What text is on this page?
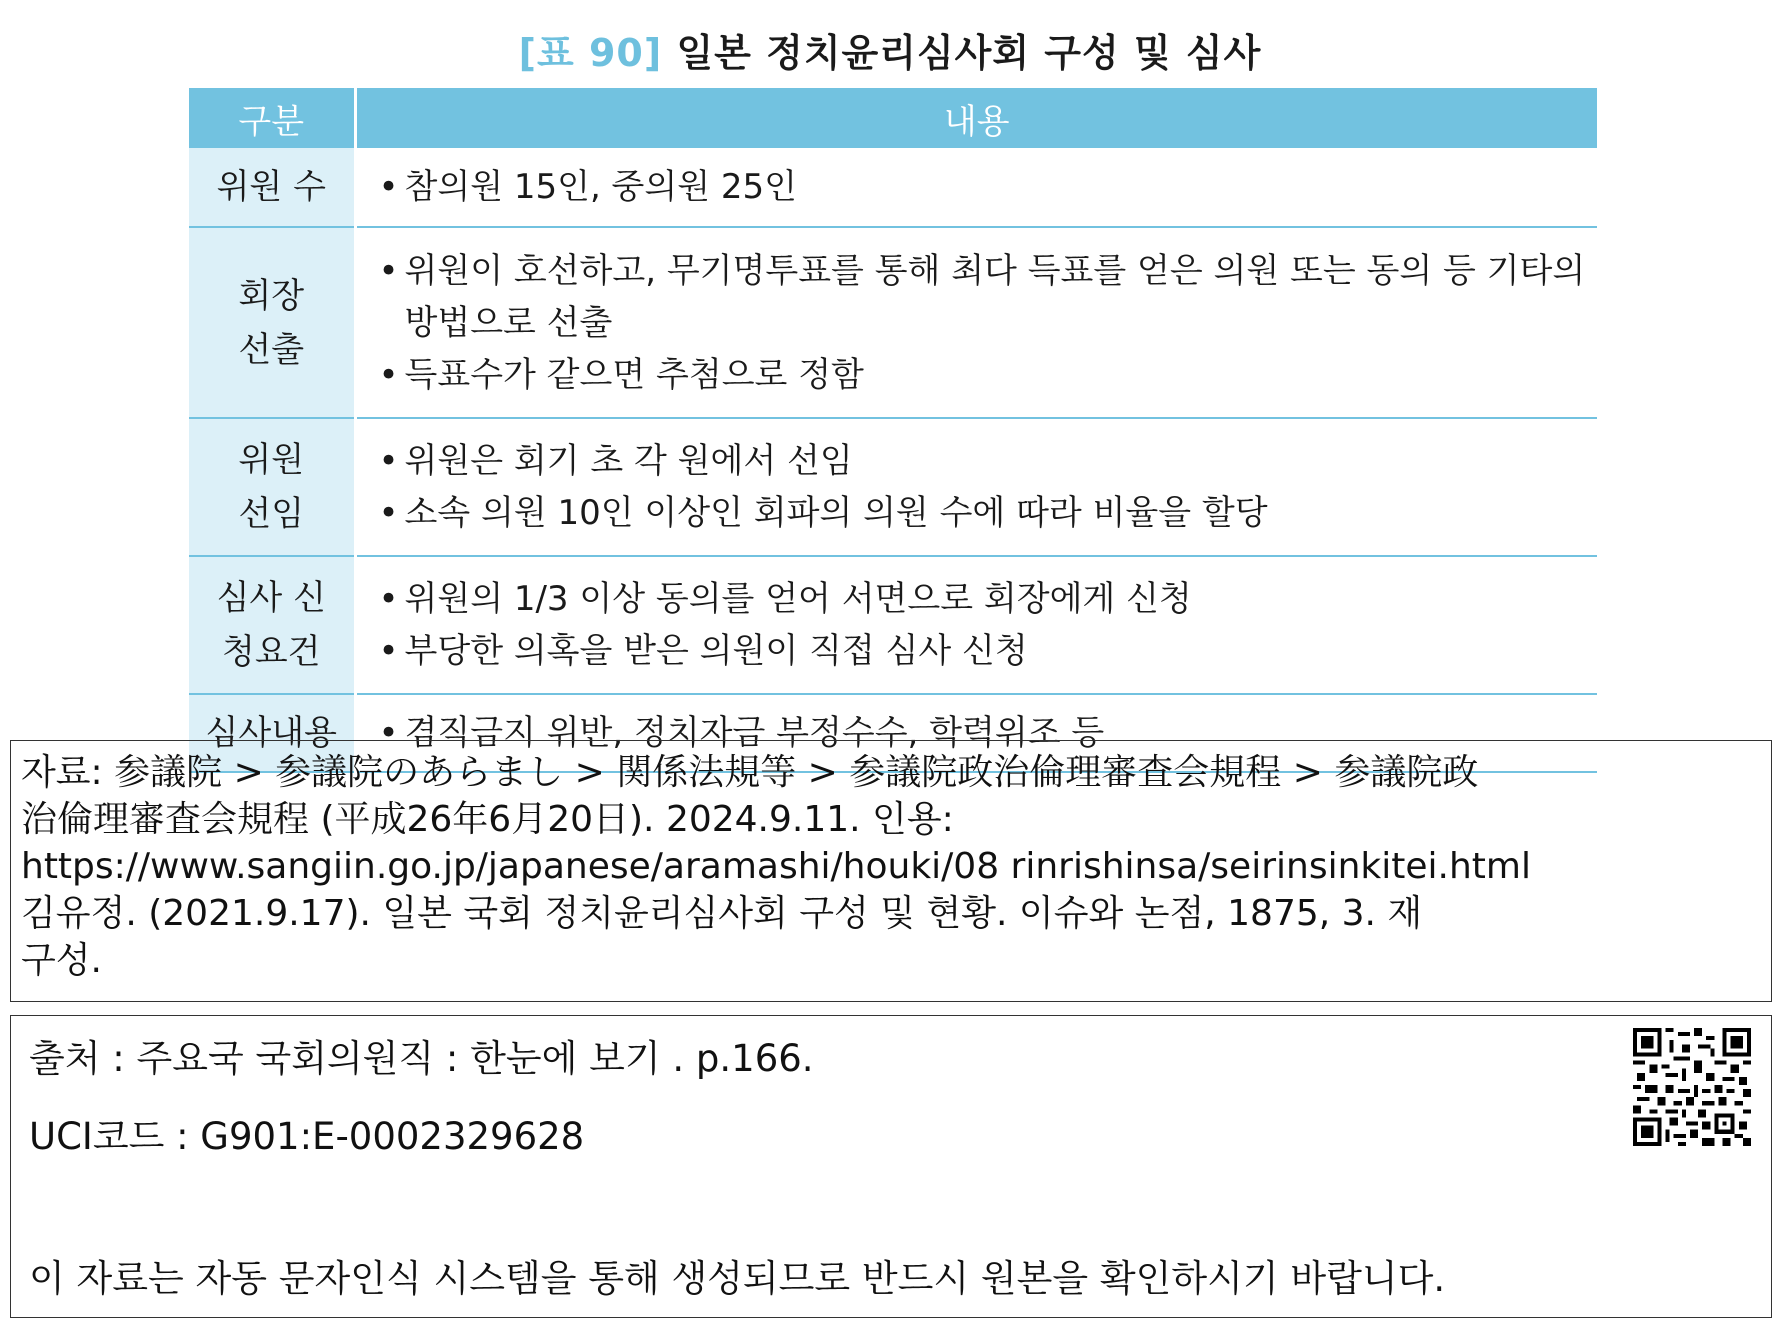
[표 90] 일본 정치윤리심사회 구성 및 심사
구분	내용
위원 수	• 참의원 15인, 중의원 25인

회장 선출	• 위원이 호선하고, 무기명투표를 통해 최다 득표를 얻은 의원 또는 동의 등 기타의 방법으로 선출
• 득표수가 같으면 추첨으로 정함

위원 선임	• 위원은 회기 초 각 원에서 선임
• 소속 의원 10인 이상인 회파의 의원 수에 따라 비율을 할당

심사 신청요건	• 위원의 1/3 이상 동의를 얻어 서면으로 회장에게 신청
• 부당한 의혹을 받은 의원이 직접 심사 신청

심사내용	• 겸직금지 위반, 정치자금 부정수수, 학력위조 등
자료: 参議院 > 参議院のあらまし > 関係法規等 > 参議院政治倫理審査会規程 > 参議院政
治倫理審査会規程 (平成26年6月20日). 2024.9.11. 인용:
https://www.sangiin.go.jp/japanese/aramashi/houki/08 rinrishinsa/seirinsinkitei.html
김유정. (2021.9.17). 일본 국회 정치윤리심사회 구성 및 현황. 이슈와 논점, 1875, 3. 재
구성.
출처 : 주요국 국회의원직 : 한눈에 보기 . p.166.
UCI코드 : G901:E-0002329628
이 자료는 자동 문자인식 시스템을 통해 생성되므로 반드시 원본을 확인하시기 바랍니다.
